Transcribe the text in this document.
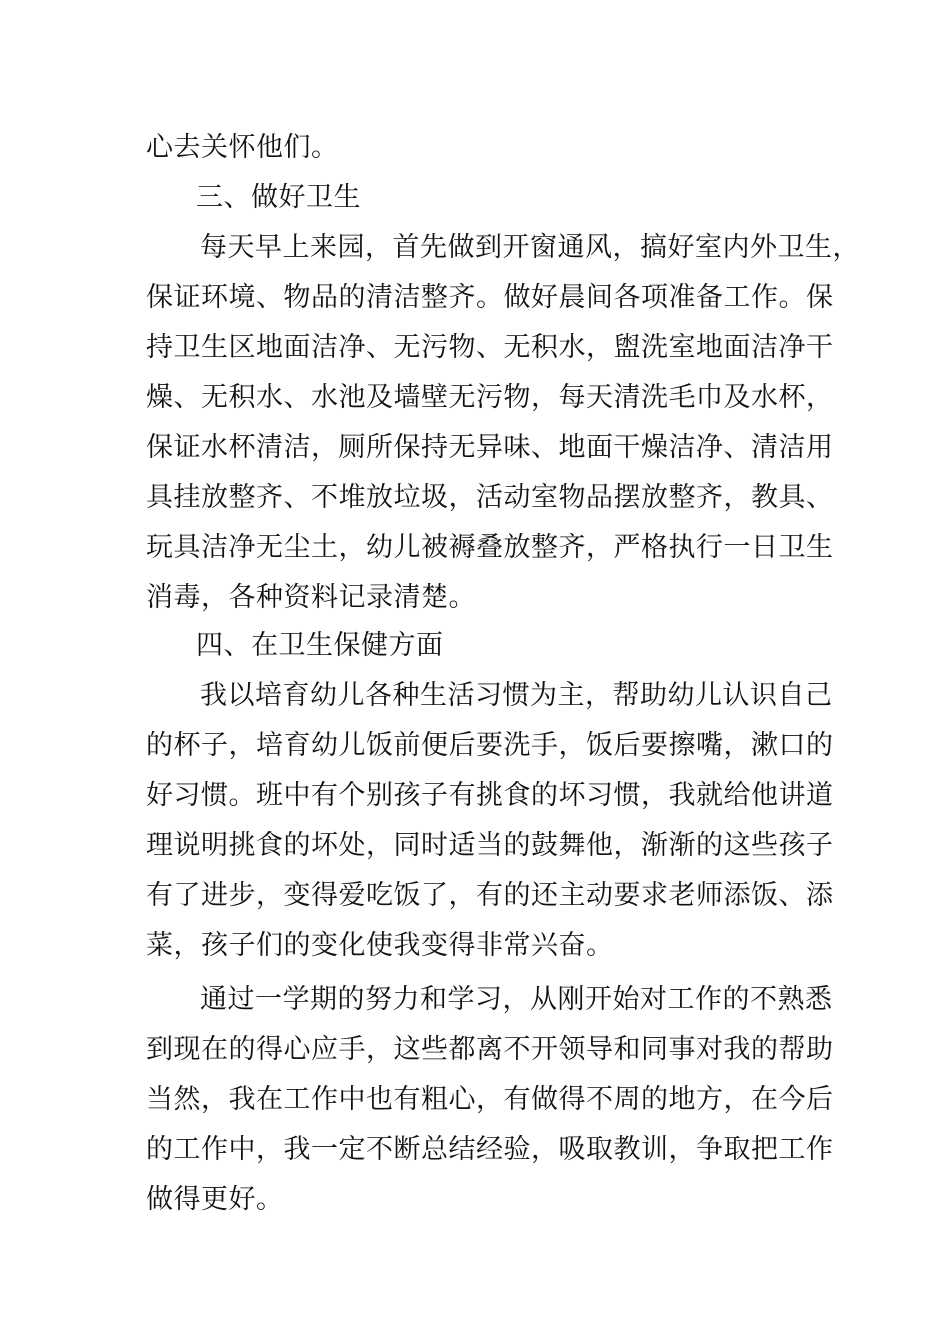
心去关怀他们。
三、做好卫生
每天早上来园，首先做到开窗通风，搞好室内外卫生，
保证环境、物品的清洁整齐。做好晨间各项准备工作。保
持卫生区地面洁净、无污物、无积水，盥洗室地面洁净干
燥、无积水、水池及墙壁无污物，每天清洗毛巾及水杯，
保证水杯清洁，厕所保持无异味、地面干燥洁净、清洁用
具挂放整齐、不堆放垃圾，活动室物品摆放整齐，教具、
玩具洁净无尘土，幼儿被褥叠放整齐，严格执行一日卫生
消毒，各种资料记录清楚。
四、在卫生保健方面
我以培育幼儿各种生活习惯为主，帮助幼儿认识自己
的杯子，培育幼儿饭前便后要洗手，饭后要擦嘴，漱口的
好习惯。班中有个别孩子有挑食的坏习惯，我就给他讲道
理说明挑食的坏处，同时适当的鼓舞他，渐渐的这些孩子
有了进步，变得爱吃饭了，有的还主动要求老师添饭、添
菜，孩子们的变化使我变得非常兴奋。
通过一学期的努力和学习，从刚开始对工作的不熟悉
到现在的得心应手，这些都离不开领导和同事对我的帮助
当然，我在工作中也有粗心，有做得不周的地方，在今后
的工作中，我一定不断总结经验，吸取教训，争取把工作
做得更好。
